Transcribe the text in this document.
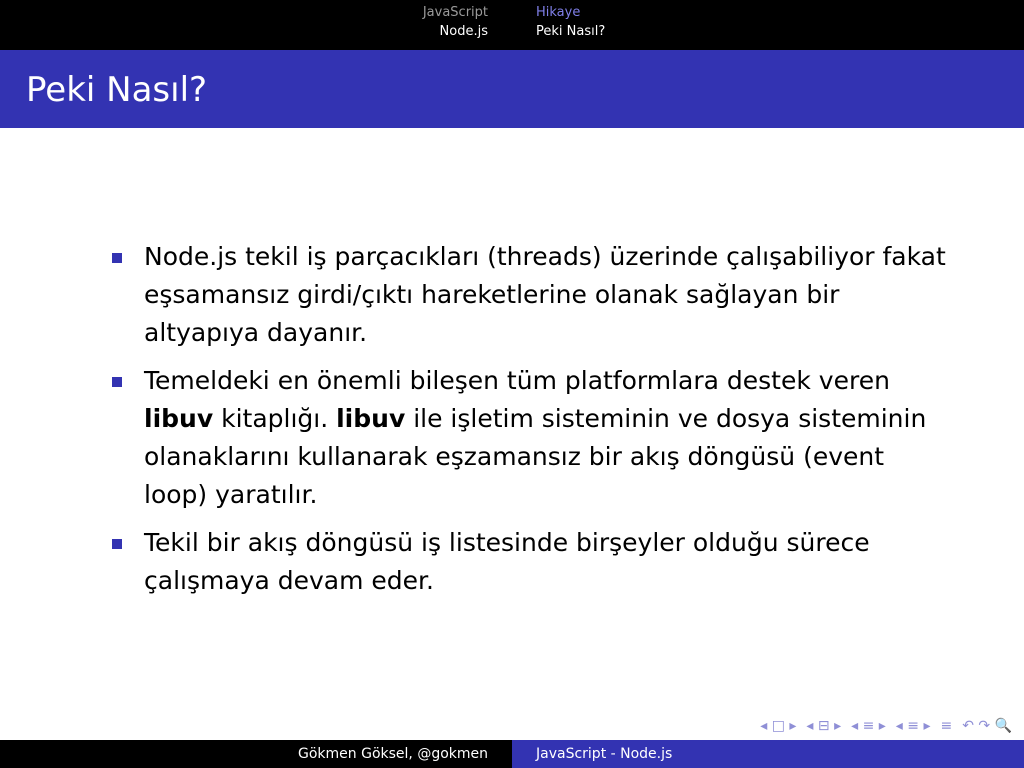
JavaScript
Node.js
Hikaye
Peki Nasıl?
Peki Nasıl?
Node.js tekil iş parçacıkları (threads) üzerinde çalışabiliyor fakat eşsamansız girdi/çıktı hareketlerine olanak sağlayan bir altyapıya dayanır.
Temeldeki en önemli bileşen tüm platformlara destek veren libuv kitaplığı. libuv ile işletim sisteminin ve dosya sisteminin olanaklarını kullanarak eşzamansız bir akış döngüsü (event loop) yaratılır.
Tekil bir akış döngüsü iş listesinde birşeyler olduğu sürece çalışmaya devam eder.
◂ □ ▸ ◂ ⊟ ▸ ◂ ≡ ▸ ◂ ≡ ▸ ≡ ↶ ↷ 🔍
Gökmen Göksel, @gokmen	JavaScript - Node.js
